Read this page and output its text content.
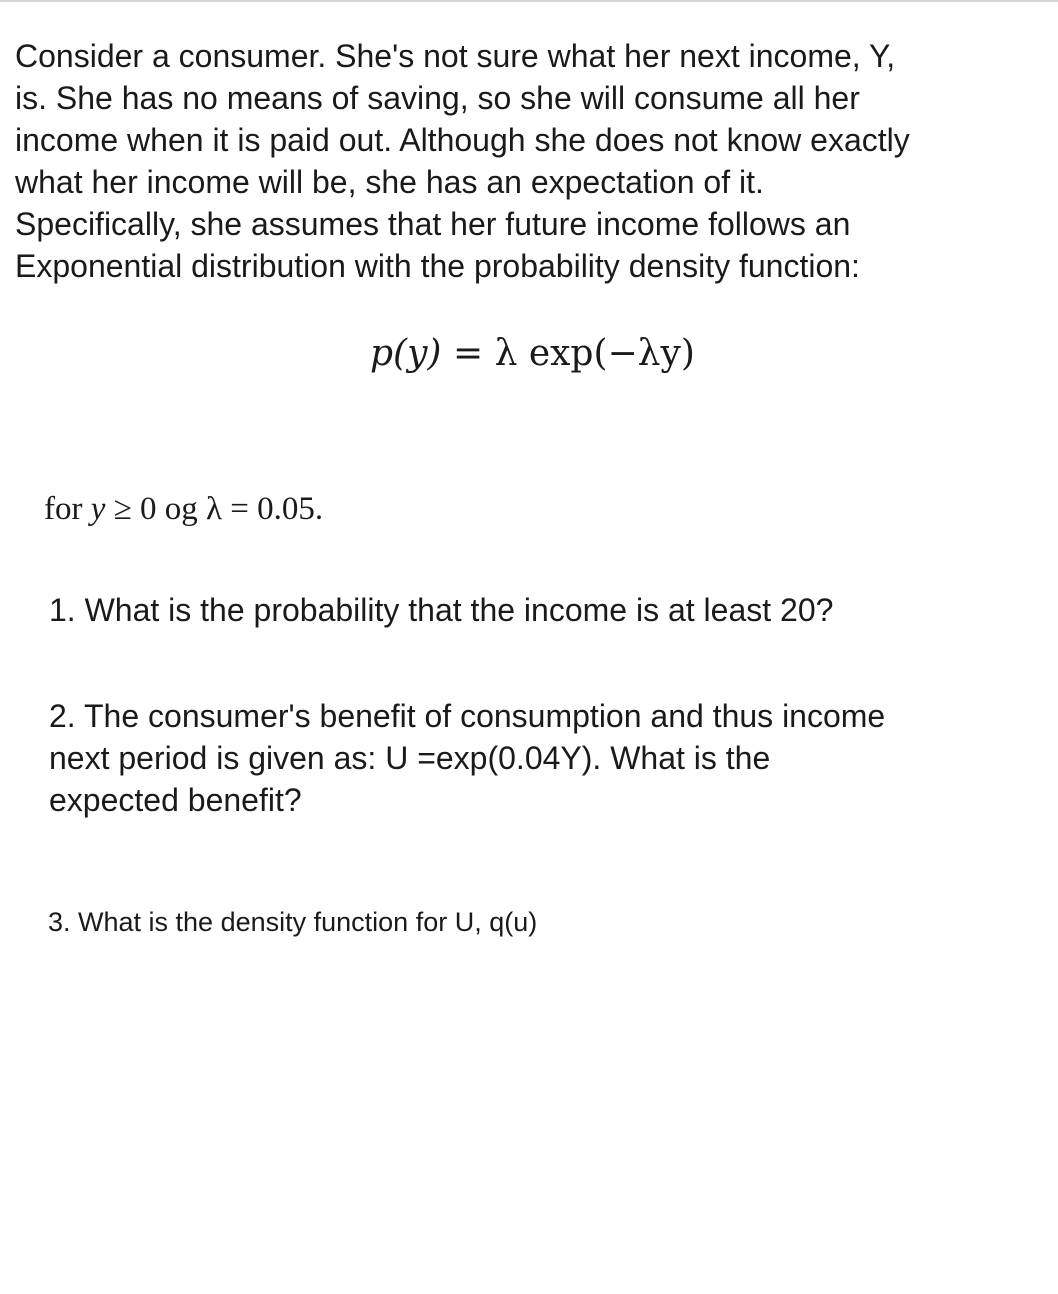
Consider a consumer. She's not sure what her next income, Y,
is. She has no means of saving, so she will consume all her
income when it is paid out. Although she does not know exactly
what her income will be, she has an expectation of it.
Specifically, she assumes that her future income follows an
Exponential distribution with the probability density function:
p(y) = λ exp(−λy)
for y ≥ 0 og λ = 0.05.
1. What is the probability that the income is at least 20?
2. The consumer's benefit of consumption and thus income
next period is given as: U =exp(0.04Y). What is the
expected benefit?
3. What is the density function for U, q(u)
